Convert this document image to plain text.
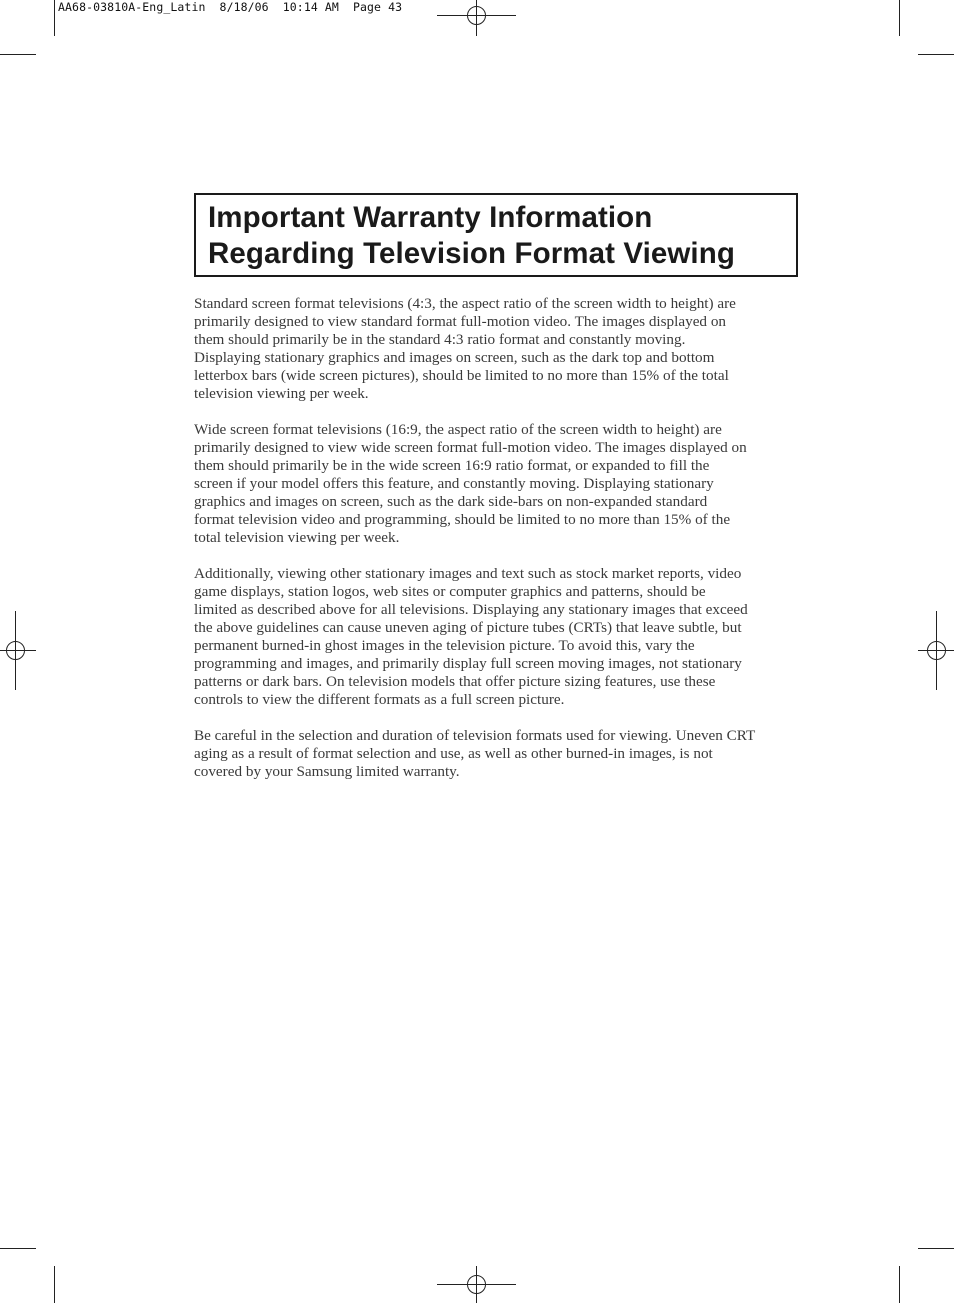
AA68-03810A-Eng_Latin  8/18/06  10:14 AM  Page 43
Important Warranty Information
Regarding Television Format Viewing
Standard screen format televisions (4:3, the aspect ratio of the screen width to height) are
primarily designed to view standard format full-motion video. The images displayed on
them should primarily be in the standard 4:3 ratio format and constantly moving.
Displaying stationary graphics and images on screen, such as the dark top and bottom
letterbox bars (wide screen pictures), should be limited to no more than 15% of the total
television viewing per week.
Wide screen format televisions (16:9, the aspect ratio of the screen width to height) are
primarily designed to view wide screen format full-motion video. The images displayed on
them should primarily be in the wide screen 16:9 ratio format, or expanded to fill the
screen if your model offers this feature, and constantly moving. Displaying stationary
graphics and images on screen, such as the dark side-bars on non-expanded standard
format television video and programming, should be limited to no more than 15% of the
total television viewing per week.
Additionally, viewing other stationary images and text such as stock market reports, video
game displays, station logos, web sites or computer graphics and patterns, should be
limited as described above for all televisions. Displaying any stationary images that exceed
the above guidelines can cause uneven aging of picture tubes (CRTs) that leave subtle, but
permanent burned-in ghost images in the television picture. To avoid this, vary the
programming and images, and primarily display full screen moving images, not stationary
patterns or dark bars. On television models that offer picture sizing features, use these
controls to view the different formats as a full screen picture.
Be careful in the selection and duration of television formats used for viewing. Uneven CRT
aging as a result of format selection and use, as well as other burned-in images, is not
covered by your Samsung limited warranty.
